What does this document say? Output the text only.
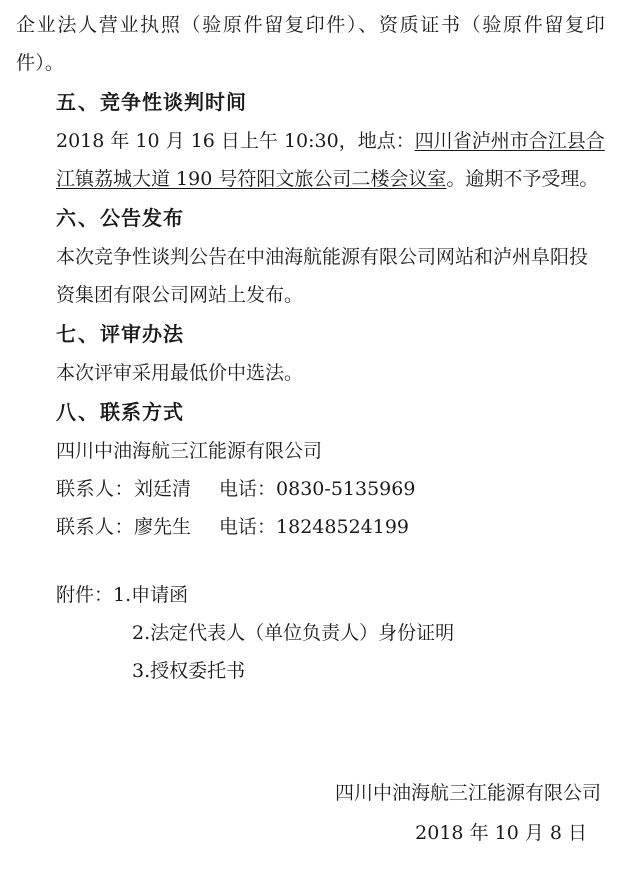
企业法人营业执照（验原件留复印件）、资质证书（验原件留复印件）。

五、竞争性谈判时间
2018 年 10 月 16 日上午 10:30，地点：四川省泸州市合江县合江镇荔城大道 190 号符阳文旅公司二楼会议室。逾期不予受理。
六、公告发布
本次竞争性谈判公告在中油海航能源有限公司网站和泸州阜阳投资集团有限公司网站上发布。
七、评审办法
本次评审采用最低价中选法。
八、联系方式
四川中油海航三江能源有限公司
联系人：刘廷清 电话：0830-5135969
联系人：廖先生 电话：18248524199
附件：1.申请函
2.法定代表人（单位负责人）身份证明
3.授权委托书
四川中油海航三江能源有限公司
2018 年 10 月 8 日
